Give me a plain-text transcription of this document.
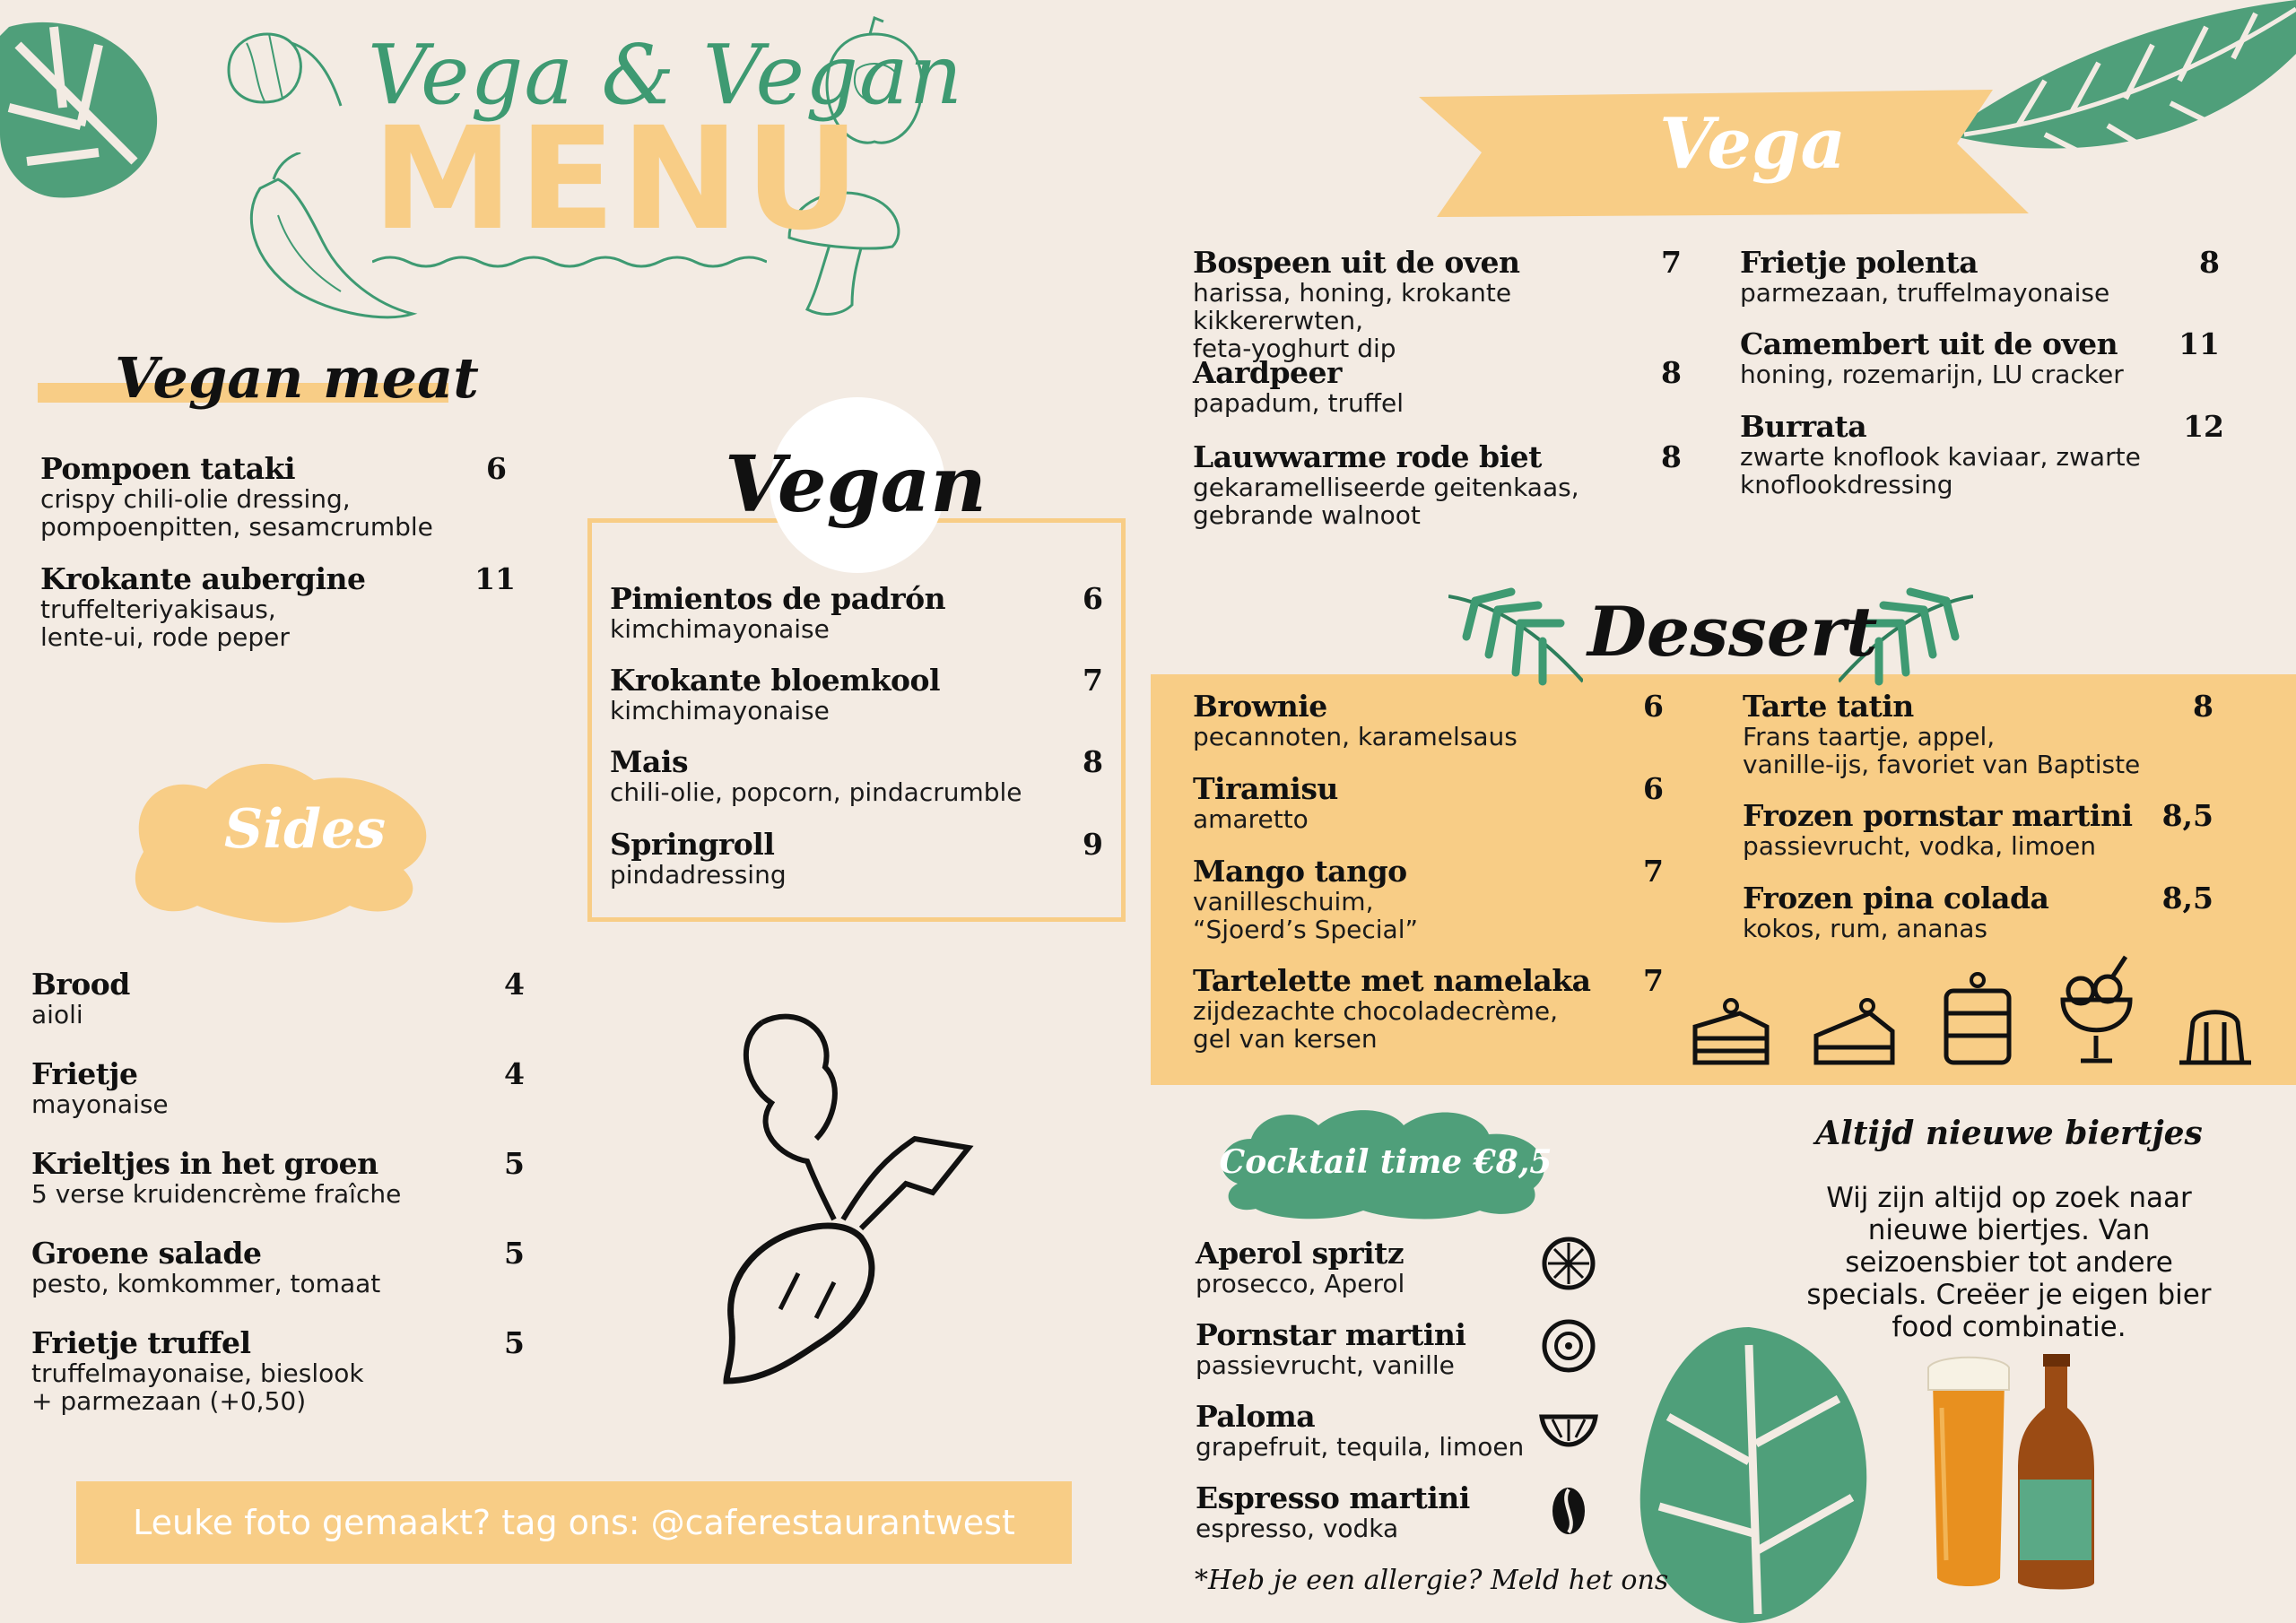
Vega & Vegan
MENU
Vegan meat
Pompoen tataki	6
crispy chili-olie dressing,
pompoenpitten, sesamcrumble
Krokante aubergine	11
truffelteriyakisaus,
lente-ui, rode peper
Sides
Brood	4
aioli
Frietje	4
mayonaise
Krieltjes in het groen	5
5 verse kruidencrème fraîche
Groene salade	5
pesto, komkommer, tomaat
Frietje truffel	5
truffelmayonaise, bieslook
+ parmezaan (+0,50)
Vegan
Pimientos de padrón	6
kimchimayonaise
Krokante bloemkool	7
kimchimayonaise
Mais	8
chili-olie, popcorn, pindacrumble
Springroll	9
pindadressing
Leuke foto gemaakt? tag ons: @caferestaurantwest
Vega
Bospeen uit de oven	7
harissa, honing, krokante kikkererwten,
feta-yoghurt dip
Aardpeer	8
papadum, truffel
Lauwwarme rode biet	8
gekaramelliseerde geitenkaas,
gebrande walnoot
Frietje polenta	8
parmezaan, truffelmayonaise
Camembert uit de oven 11
honing, rozemarijn, LU cracker
Burrata	12
zwarte knoflook kaviaar, zwarte
knoflookdressing
Dessert
Brownie	6
pecannoten, karamelsaus
Tiramisu	6
amaretto
Mango tango	7
vanilleschuim,
“Sjoerd’s Special”
Tartelette met namelaka 7
zijdezachte chocoladecrème,
gel van kersen
Tarte tatin	8
Frans taartje, appel,
vanille-ijs, favoriet van Baptiste
Frozen pornstar martini 8,5
passievrucht, vodka, limoen
Frozen pina colada	8,5
kokos, rum, ananas
Cocktail time €8,5
Aperol spritz
prosecco, Aperol
Pornstar martini
passievrucht, vanille
Paloma
grapefruit, tequila, limoen
Espresso martini
espresso, vodka
*Heb je een allergie? Meld het ons
Altijd nieuwe biertjes
Wij zijn altijd op zoek naar nieuwe biertjes. Van seizoensbier tot andere specials. Creëer je eigen bier food combinatie.
